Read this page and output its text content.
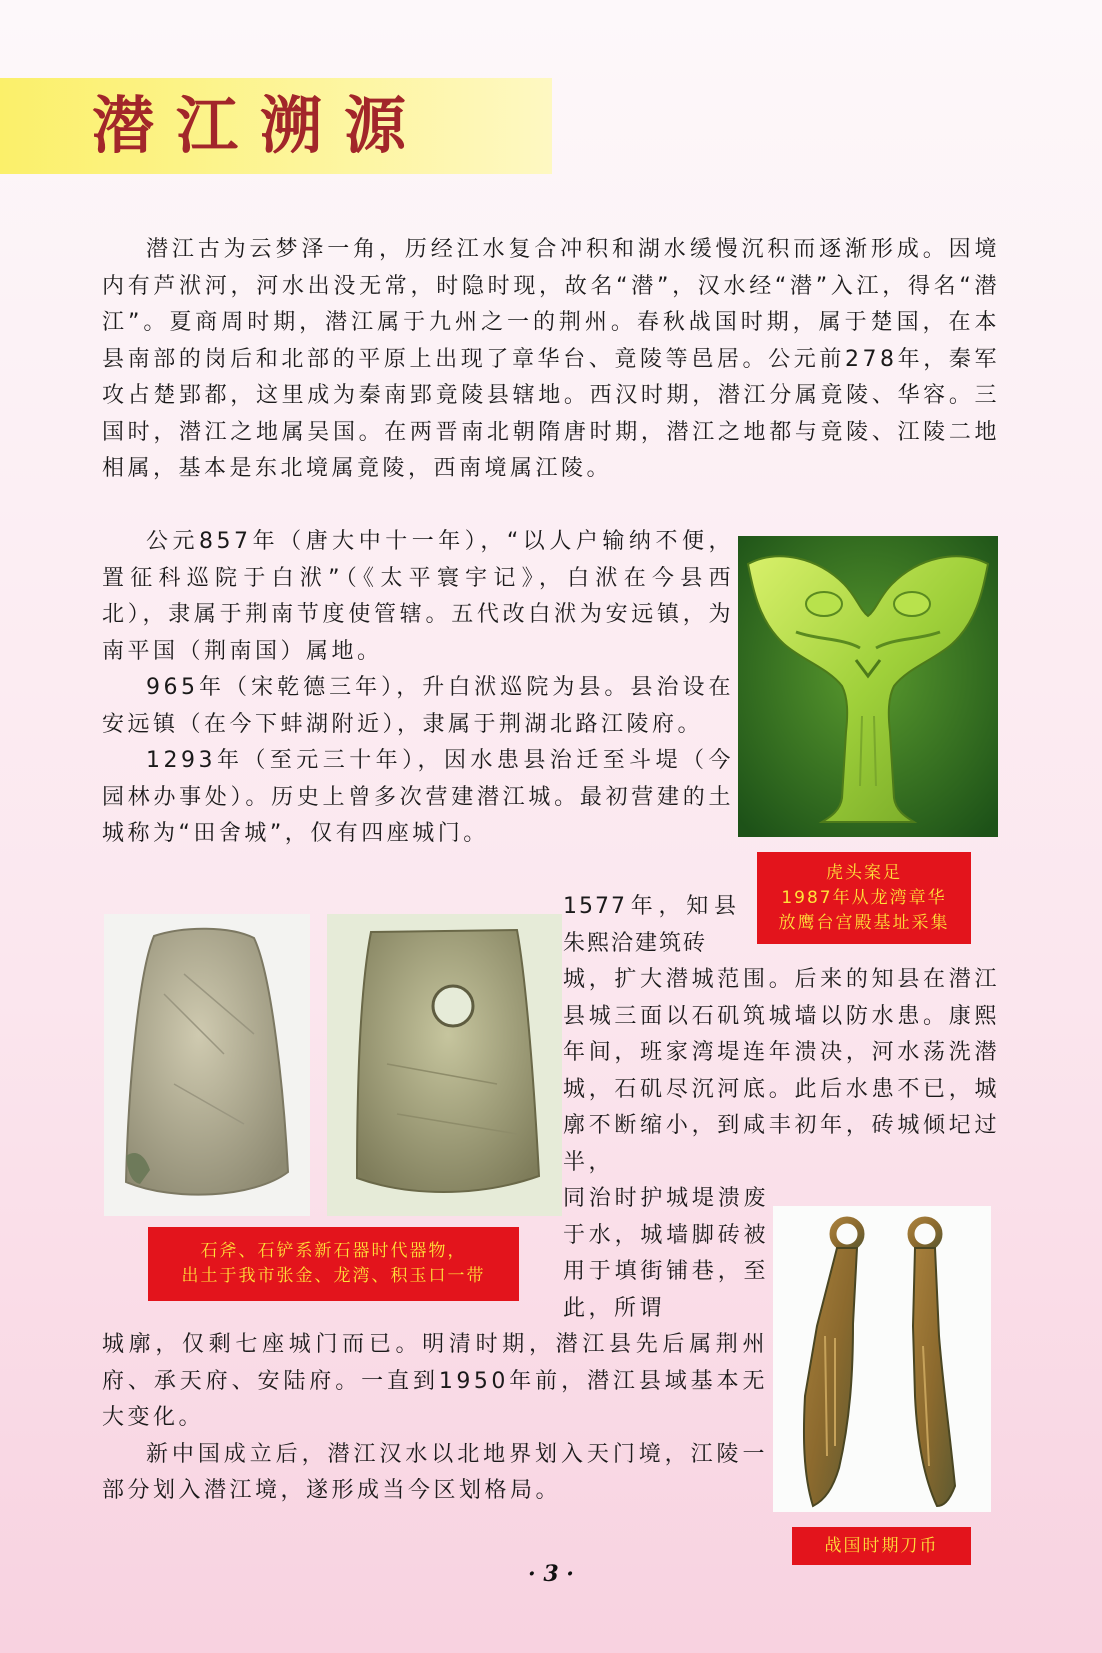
潜江溯源

潜江古为云梦泽一角，历经江水复合冲积和湖水缓慢沉积而逐渐形成。因境内有芦洑河，河水出没无常，时隐时现，故名“潜”，汉水经“潜”入江，得名“潜江”。夏商周时期，潜江属于九州之一的荆州。春秋战国时期，属于楚国，在本县南部的岗后和北部的平原上出现了章华台、竟陵等邑居。公元前278年，秦军攻占楚郢都，这里成为秦南郢竟陵县辖地。西汉时期，潜江分属竟陵、华容。三国时，潜江之地属吴国。在两晋南北朝隋唐时期，潜江之地都与竟陵、江陵二地相属，基本是东北境属竟陵，西南境属江陵。

公元857年（唐大中十一年），“以人户输纳不便，置征科巡院于白洑”（《太平寰宇记》，白洑在今县西北），隶属于荆南节度使管辖。五代改白洑为安远镇，为南平国（荆南国）属地。

965年（宋乾德三年），升白洑巡院为县。县治设在安远镇（在今下蚌湖附近），隶属于荆湖北路江陵府。

1293年（至元三十年），因水患县治迁至斗堤（今园林办事处）。历史上曾多次营建潜江城。最初营建的土城称为“田舍城”，仅有四座城门。

1577年，知县朱熙洽建筑砖

城，扩大潜城范围。后来的知县在潜江县城三面以石矶筑城墙以防水患。康熙年间，班家湾堤连年溃决，河水荡洗潜城，石矶尽沉河底。此后水患不已，城廓不断缩小，到咸丰初年，砖城倾圮过半，

同治时护城堤溃废于水，城墙脚砖被用于填街铺巷，至此，所谓

城廓，仅剩七座城门而已。明清时期，潜江县先后属荆州府、承天府、安陆府。一直到1950年前，潜江县域基本无大变化。

新中国成立后，潜江汉水以北地界划入天门境，江陵一部分划入潜江境，遂形成当今区划格局。

虎头案足
1987年从龙湾章华
放鹰台宫殿基址采集
石斧、石铲系新石器时代器物，
出土于我市张金、龙湾、积玉口一带
战国时期刀币
· 3 ·
